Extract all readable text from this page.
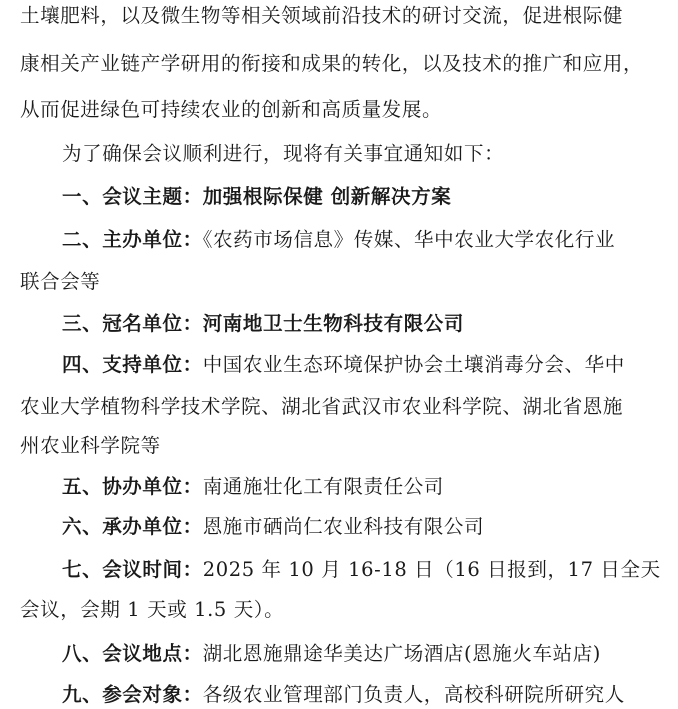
土壤肥料，以及微生物等相关领域前沿技术的研讨交流，促进根际健
康相关产业链产学研用的衔接和成果的转化，以及技术的推广和应用，
从而促进绿色可持续农业的创新和高质量发展。
为了确保会议顺利进行，现将有关事宜通知如下：
一、会议主题：加强根际保健 创新解决方案
二、主办单位：《农药市场信息》传媒、华中农业大学农化行业
联合会等
三、冠名单位：河南地卫士生物科技有限公司
四、支持单位：中国农业生态环境保护协会土壤消毒分会、华中
农业大学植物科学技术学院、湖北省武汉市农业科学院、湖北省恩施
州农业科学院等
五、协办单位：南通施壮化工有限责任公司
六、承办单位：恩施市硒尚仁农业科技有限公司
七、会议时间：2025 年 10 月 16-18 日（16 日报到，17 日全天
会议，会期 1 天或 1.5 天）。
八、会议地点：湖北恩施鼎途华美达广场酒店(恩施火车站店)
九、参会对象：各级农业管理部门负责人，高校科研院所研究人
